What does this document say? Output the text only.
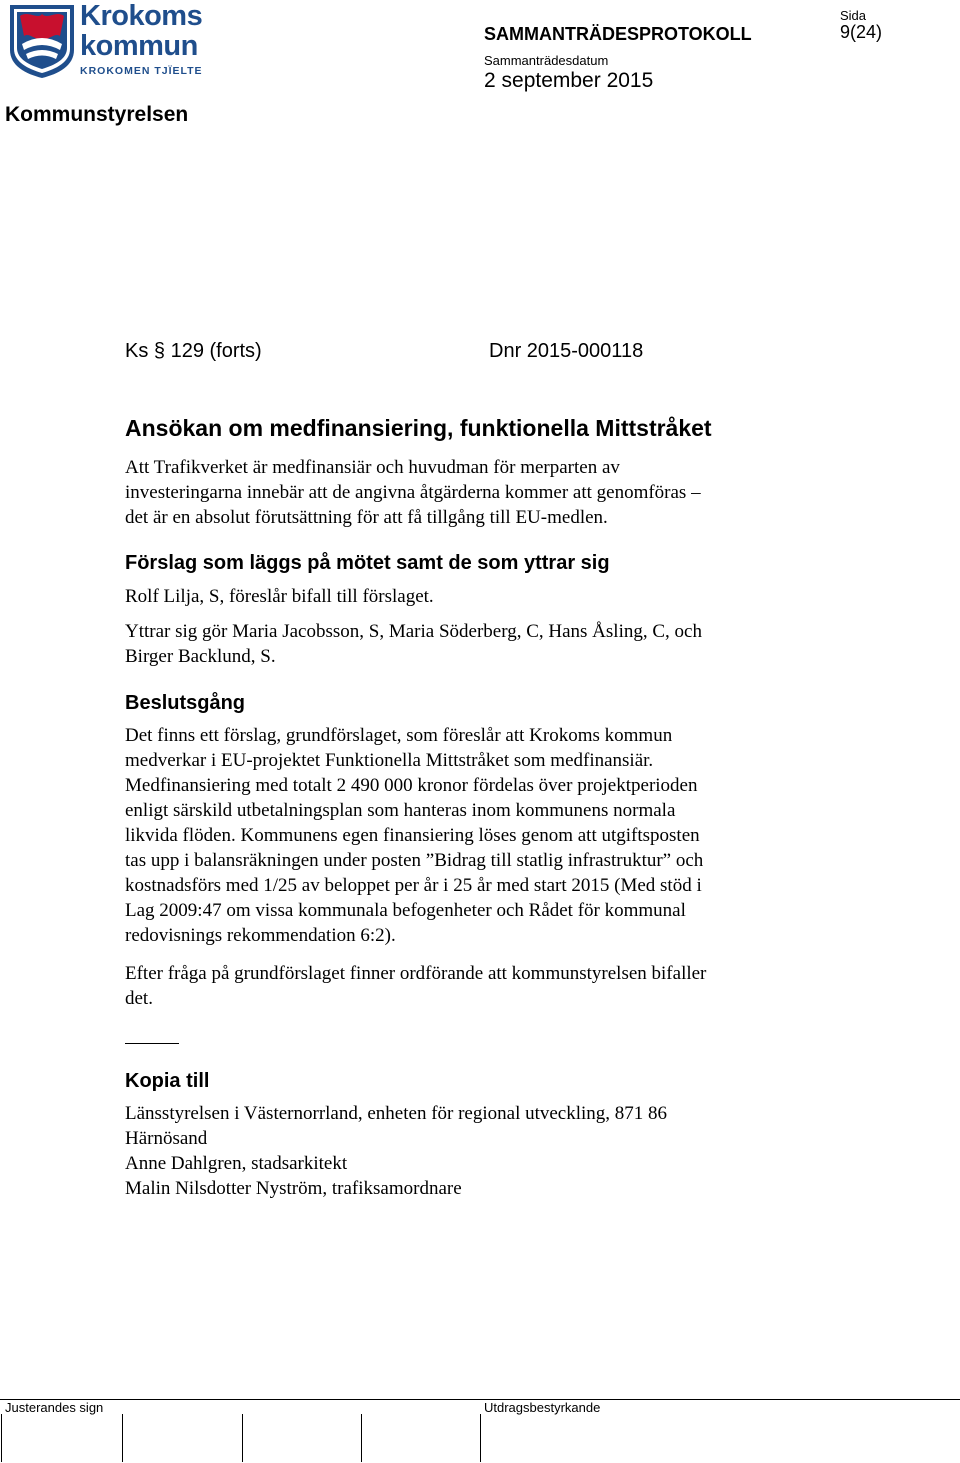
Krokoms
kommun
KROKOMEN TJÏELTE
SAMMANTRÄDESPROTOKOLL
Sammanträdesdatum
2 september 2015
Sida
9(24)
Kommunstyrelsen
Ks § 129 (forts)	Dnr 2015-000118
Ansökan om medfinansiering, funktionella Mittstråket

Att Trafikverket är medfinansiär och huvudman för merparten av
investeringarna innebär att de angivna åtgärderna kommer att genomföras –
det är en absolut förutsättning för att få tillgång till EU-medlen.

Förslag som läggs på mötet samt de som yttrar sig

Rolf Lilja, S, föreslår bifall till förslaget.

Yttrar sig gör Maria Jacobsson, S, Maria Söderberg, C, Hans Åsling, C, och
Birger Backlund, S.

Beslutsgång

Det finns ett förslag, grundförslaget, som föreslår att Krokoms kommun
medverkar i EU-projektet Funktionella Mittstråket som medfinansiär.
Medfinansiering med totalt 2 490 000 kronor fördelas över projektperioden
enligt särskild utbetalningsplan som hanteras inom kommunens normala
likvida flöden. Kommunens egen finansiering löses genom att utgiftsposten
tas upp i balansräkningen under posten ”Bidrag till statlig infrastruktur” och
kostnadsförs med 1/25 av beloppet per år i 25 år med start 2015 (Med stöd i
Lag 2009:47 om vissa kommunala befogenheter och Rådet för kommunal
redovisnings rekommendation 6:2).

Efter fråga på grundförslaget finner ordförande att kommunstyrelsen bifaller
det.

Kopia till

Länsstyrelsen i Västernorrland, enheten för regional utveckling, 871 86
Härnösand
Anne Dahlgren, stadsarkitekt
Malin Nilsdotter Nyström, trafiksamordnare

Justerandes sign	Utdragsbestyrkande
